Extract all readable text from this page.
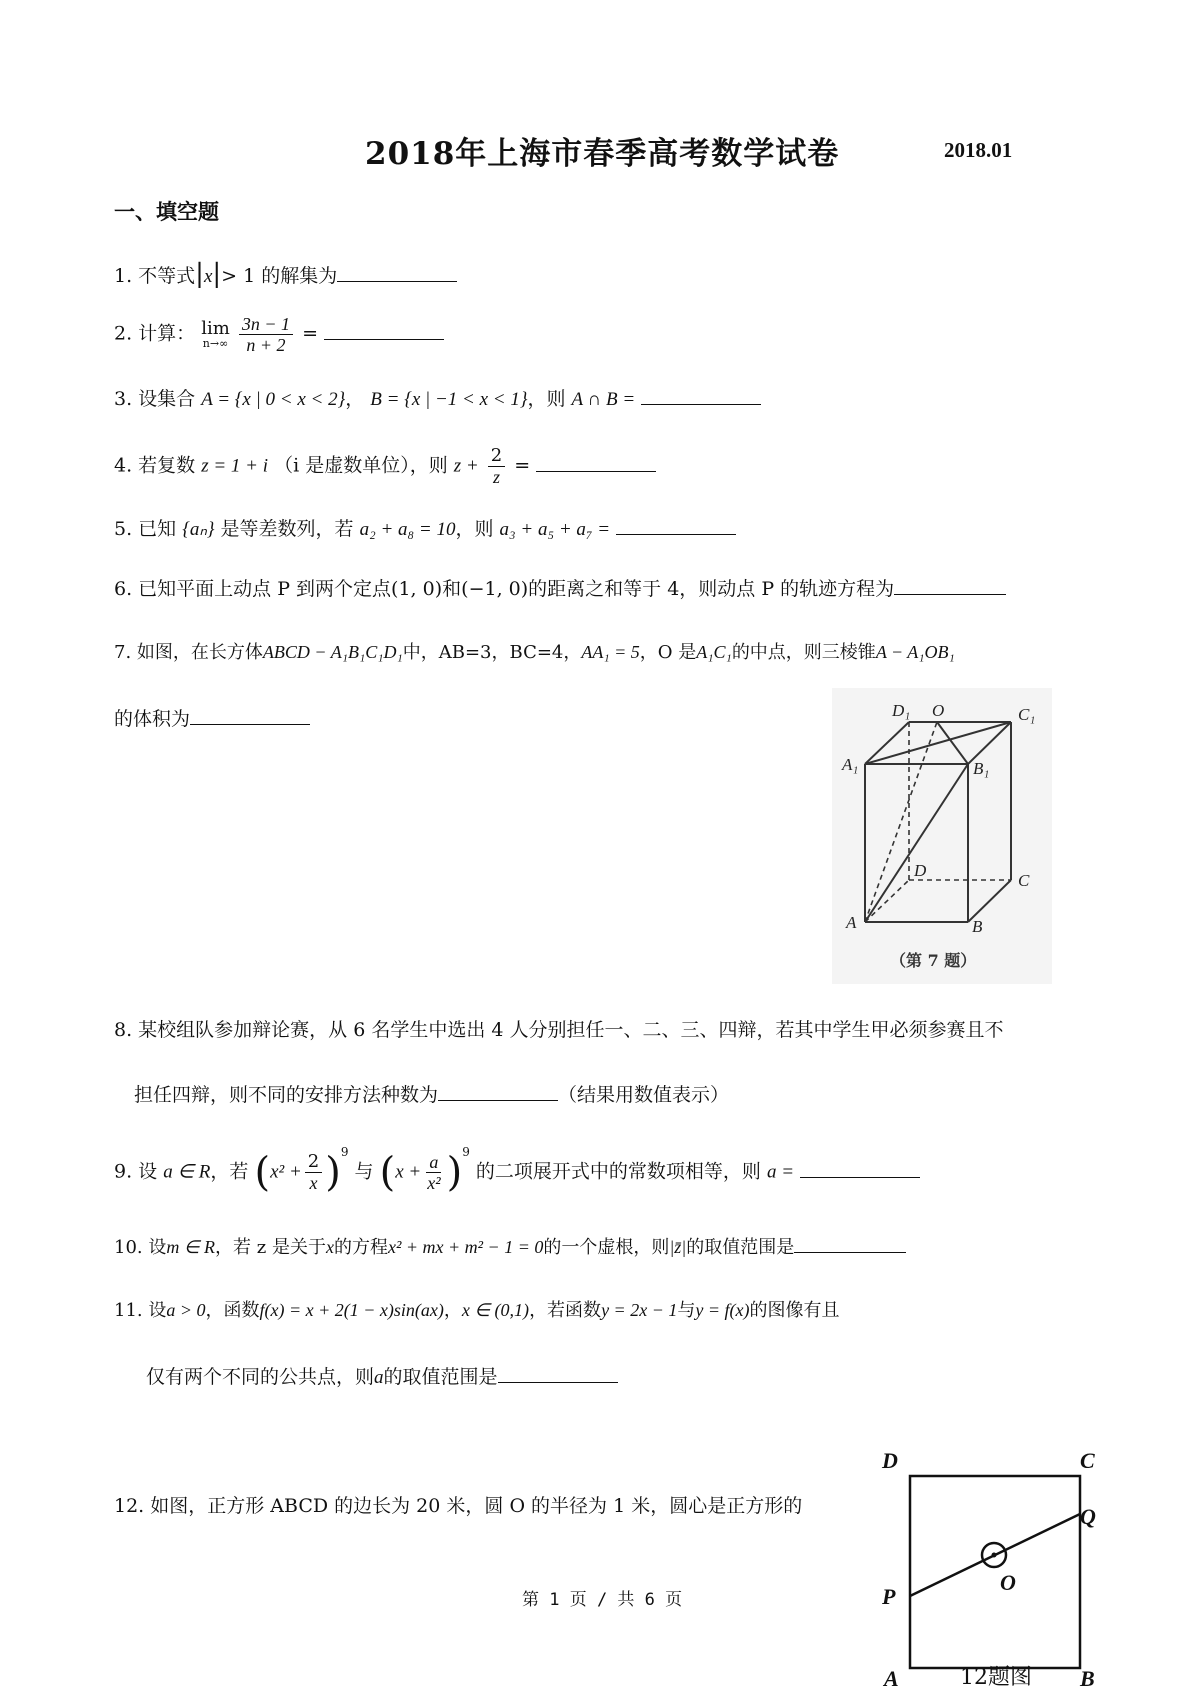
2018年上海市春季高考数学试卷	2018.01
一、填空题
1. 不等式|x|> 1 的解集为
2. 计算： lim
n→∞
$\frac{3n - 1}{n + 2}$ =
3. 设集合 A = {x | 0 < x < 2}， B = {x | −1 < x < 1}，则 A ∩ B =
4. 若复数 z = 1 + i （i 是虚数单位），则 $z + \frac{2}{z}$ =
5. 已知 {aₙ} 是等差数列，若 a₂ + a₈ = 10，则 a₃ + a₅ + a₇ =
6. 已知平面上动点 P 到两个定点(1, 0)和(−1, 0)的距离之和等于 4，则动点 P 的轨迹方程为
7. 如图，在长方体ABCD − A₁B₁C₁D₁中，AB=3，BC=4，AA₁ = 5，O 是A₁C₁的中点，则三棱锥A − A₁OB₁
的体积为	D₁ O	C₁
A₁	B₁
D
C
A	B
（第 7 题）
8. 某校组队参加辩论赛，从 6 名学生中选出 4 人分别担任一、二、三、四辩，若其中学生甲必须参赛且不
担任四辩，则不同的安排方法种数为	（结果用数值表示）
9. 设 a ∈ R，若 $(x^2 + \frac{2}{x} )^9$ 与 $(x + \frac{a}{\text{x²}} )^9$ 的二项展开式中的常数项相等，则 a =
10. 设m ∈ R，若 z 是关于x的方程x² + mx + m² − 1 = 0的一个虚根，则|z̄|的取值范围是
11. 设a > 0，函数f(x) = x + 2(1 − x)sin(ax)，x ∈ (0,1)，若函数y = 2x − 1与y = f(x)的图像有且
仅有两个不同的公共点，则a的取值范围是
12. 如图，正方形 ABCD 的边长为 20 米，圆 O 的半径为 1 米，圆心是正方形的
D	C
Q
P
O
A	B
12题图
第 1 页 / 共 6 页
